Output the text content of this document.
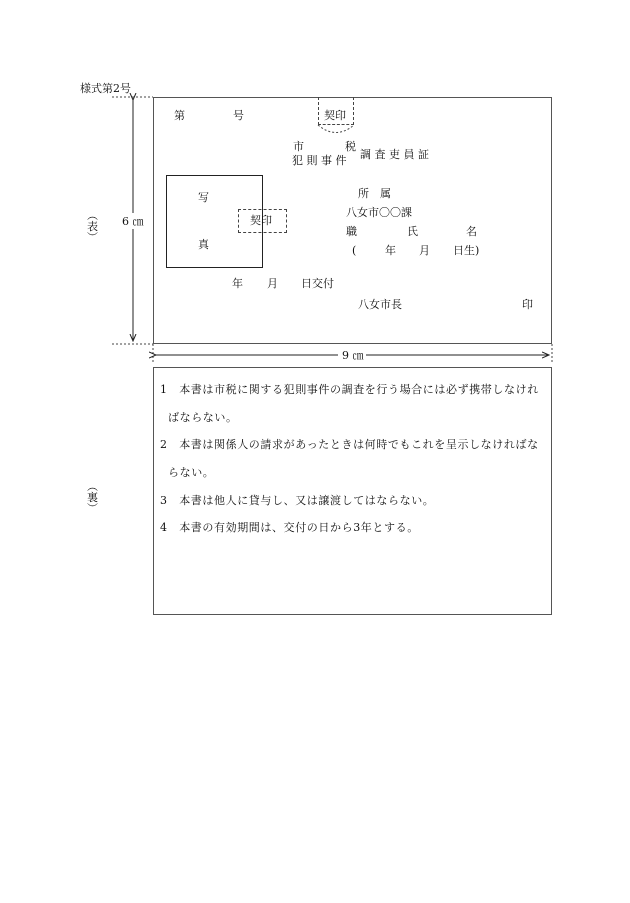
様式第2号
6 ㎝
9 ㎝
︵
表
︶
︵
裏
︶
第	号	契印
市	税
犯 則 事 件 調 査 吏 員 証
写
真
契印
所　属
八女市〇〇課
職	氏	名
(	年 月 日生)
年 月 日交付
八女市長	印
1　本書は市税に関する犯則事件の調査を行う場合には必ず携帯しなけれ
ばならない。
2　本書は関係人の請求があったときは何時でもこれを呈示しなければな
らない。
3　本書は他人に貸与し、又は譲渡してはならない。
4　本書の有効期間は、交付の日から3年とする。
